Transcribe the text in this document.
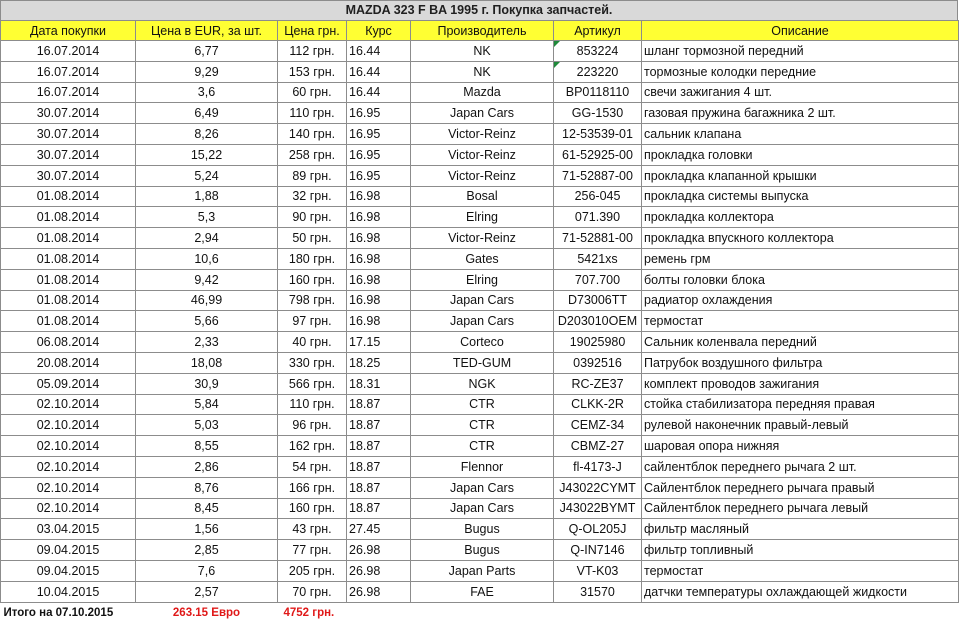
MAZDA 323 F BA 1995 г. Покупка запчастей.
Дата покупки	Цена в EUR, за шт.	Цена грн.	Курс	Производитель	Артикул	Описание
16.07.2014	6,77	112 грн.	16.44	NK	853224	шланг тормозной передний
16.07.2014	9,29	153 грн.	16.44	NK	223220	тормозные колодки передние
16.07.2014	3,6	60 грн.	16.44	Mazda	BP0118110	свечи зажигания 4 шт.
30.07.2014	6,49	110 грн.	16.95	Japan Cars	GG-1530	газовая пружина багажника 2 шт.
30.07.2014	8,26	140 грн.	16.95	Victor-Reinz	12-53539-01	сальник клапана
30.07.2014	15,22	258 грн.	16.95	Victor-Reinz	61-52925-00	прокладка головки
30.07.2014	5,24	89 грн.	16.95	Victor-Reinz	71-52887-00	прокладка клапанной крышки
01.08.2014	1,88	32 грн.	16.98	Bosal	256-045	прокладка системы выпуска
01.08.2014	5,3	90 грн.	16.98	Elring	071.390	прокладка коллектора
01.08.2014	2,94	50 грн.	16.98	Victor-Reinz	71-52881-00	прокладка впускного коллектора
01.08.2014	10,6	180 грн.	16.98	Gates	5421xs	ремень грм
01.08.2014	9,42	160 грн.	16.98	Elring	707.700	болты головки блока
01.08.2014	46,99	798 грн.	16.98	Japan Cars	D73006TT	радиатор охлаждения
01.08.2014	5,66	97 грн.	16.98	Japan Cars	D203010OEM	термостат
06.08.2014	2,33	40 грн.	17.15	Corteco	19025980	Сальник коленвала передний
20.08.2014	18,08	330 грн.	18.25	TED-GUM	0392516	Патрубок воздушного фильтра
05.09.2014	30,9	566 грн.	18.31	NGK	RC-ZE37	комплект проводов зажигания
02.10.2014	5,84	110 грн.	18.87	CTR	CLKK-2R	стойка стабилизатора передняя правая
02.10.2014	5,03	96 грн.	18.87	CTR	CEMZ-34	рулевой наконечник правый-левый
02.10.2014	8,55	162 грн.	18.87	CTR	CBMZ-27	шаровая опора нижняя
02.10.2014	2,86	54 грн.	18.87	Flennor	fl-4173-J	сайлентблок переднего рычага 2 шт.
02.10.2014	8,76	166 грн.	18.87	Japan Cars	J43022CYMT	Сайлентблок переднего рычага правый
02.10.2014	8,45	160 грн.	18.87	Japan Cars	J43022BYMT	Сайлентблок переднего рычага левый
03.04.2015	1,56	43 грн.	27.45	Bugus	Q-OL205J	фильтр масляный
09.04.2015	2,85	77 грн.	26.98	Bugus	Q-IN7146	фильтр топливный
09.04.2015	7,6	205 грн.	26.98	Japan Parts	VT-K03	термостат
10.04.2015	2,57	70 грн.	26.98	FAE	31570	датчки температуры охлаждающей жидкости
Итого на 07.10.2015	263.15 Евро	4752 грн.				
